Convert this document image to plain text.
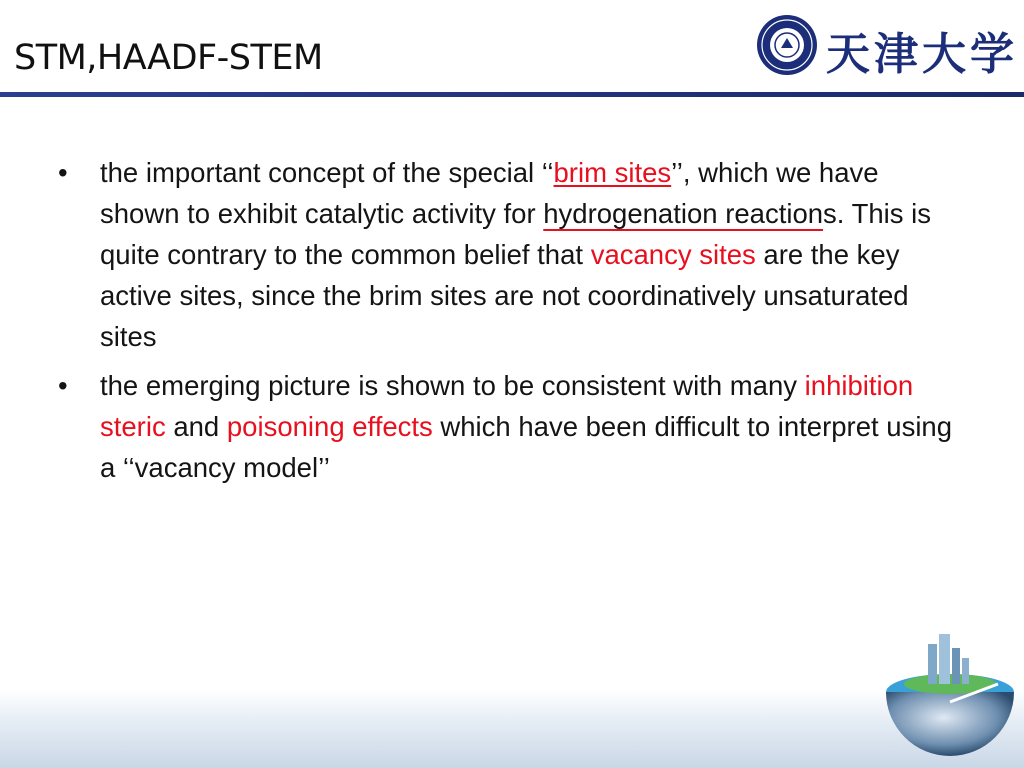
STM,HAADF-STEM	天津大学
• the important concept of the special ‘‘brim sites’’, which we have shown to exhibit catalytic activity for hydrogenation reactions. This is quite contrary to the common belief that vacancy sites are the key active sites, since the brim sites are not coordinatively unsaturated sites
• the emerging picture is shown to be consistent with many inhibition steric and poisoning effects which have been difficult to interpret using a ‘‘vacancy model’’
